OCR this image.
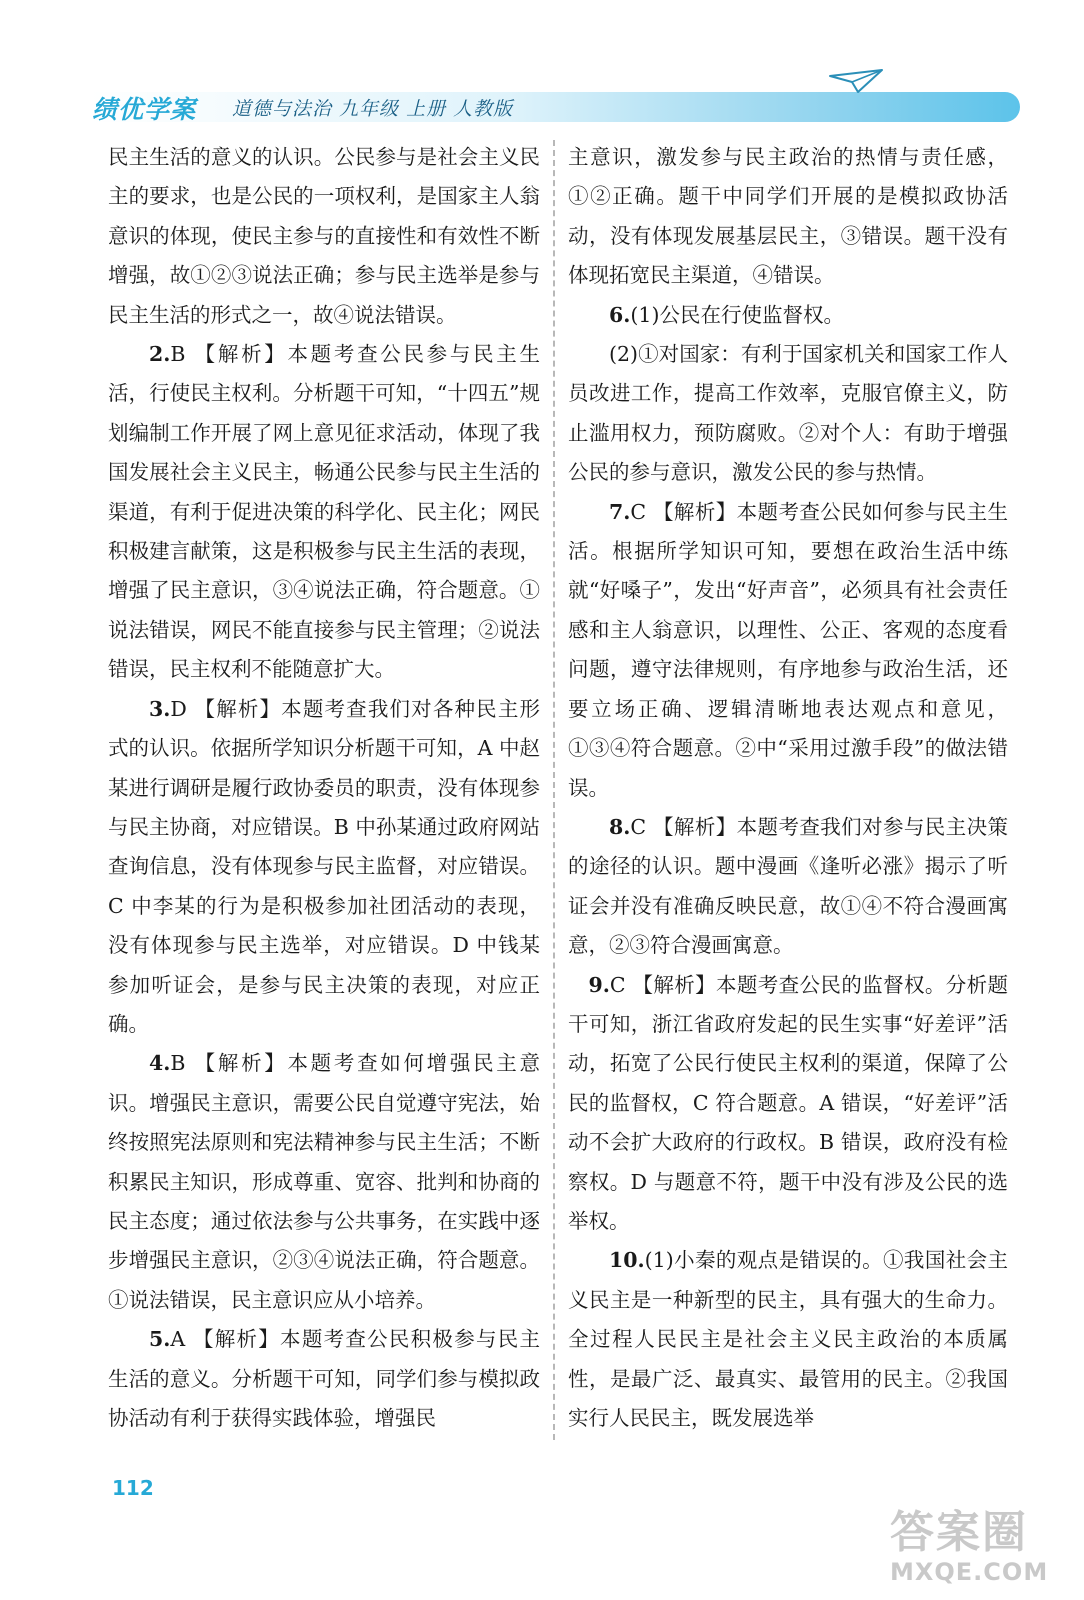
绩优学案 道德与法治 九年级 上册 人教版

民主生活的意义的认识。公民参与是社会主义民主的要求，也是公民的一项权利，是国家主人翁意识的体现，使民主参与的直接性和有效性不断增强，故①②③说法正确；参与民主选举是参与民主生活的形式之一，故④说法错误。

2.B 【解析】本题考查公民参与民主生活，行使民主权利。分析题干可知，“十四五”规划编制工作开展了网上意见征求活动，体现了我国发展社会主义民主，畅通公民参与民主生活的渠道，有利于促进决策的科学化、民主化；网民积极建言献策，这是积极参与民主生活的表现，增强了民主意识，③④说法正确，符合题意。①说法错误，网民不能直接参与民主管理；②说法错误，民主权利不能随意扩大。

3.D 【解析】本题考查我们对各种民主形式的认识。依据所学知识分析题干可知，A 中赵某进行调研是履行政协委员的职责，没有体现参与民主协商，对应错误。B 中孙某通过政府网站查询信息，没有体现参与民主监督，对应错误。C 中李某的行为是积极参加社团活动的表现，没有体现参与民主选举，对应错误。D 中钱某参加听证会，是参与民主决策的表现，对应正确。

4.B 【解析】本题考查如何增强民主意识。增强民主意识，需要公民自觉遵守宪法，始终按照宪法原则和宪法精神参与民主生活；不断积累民主知识，形成尊重、宽容、批判和协商的民主态度；通过依法参与公共事务，在实践中逐步增强民主意识，②③④说法正确，符合题意。①说法错误，民主意识应从小培养。

5.A 【解析】本题考查公民积极参与民主生活的意义。分析题干可知，同学们参与模拟政协活动有利于获得实践体验，增强民

主意识，激发参与民主政治的热情与责任感，①②正确。题干中同学们开展的是模拟政协活动，没有体现发展基层民主，③错误。题干没有体现拓宽民主渠道，④错误。

6.(1)公民在行使监督权。

(2)①对国家：有利于国家机关和国家工作人员改进工作，提高工作效率，克服官僚主义，防止滥用权力，预防腐败。②对个人：有助于增强公民的参与意识，激发公民的参与热情。

7.C 【解析】本题考查公民如何参与民主生活。根据所学知识可知，要想在政治生活中练就“好嗓子”，发出“好声音”，必须具有社会责任感和主人翁意识，以理性、公正、客观的态度看问题，遵守法律规则，有序地参与政治生活，还要立场正确、逻辑清晰地表达观点和意见，①③④符合题意。②中“采用过激手段”的做法错误。

8.C 【解析】本题考查我们对参与民主决策的途径的认识。题中漫画《逢听必涨》揭示了听证会并没有准确反映民意，故①④不符合漫画寓意，②③符合漫画寓意。

9.C 【解析】本题考查公民的监督权。分析题干可知，浙江省政府发起的民生实事“好差评”活动，拓宽了公民行使民主权利的渠道，保障了公民的监督权，C 符合题意。A 错误，“好差评”活动不会扩大政府的行政权。B 错误，政府没有检察权。D 与题意不符，题干中没有涉及公民的选举权。

10.(1)小秦的观点是错误的。①我国社会主义民主是一种新型的民主，具有强大的生命力。全过程人民民主是社会主义民主政治的本质属性，是最广泛、最真实、最管用的民主。②我国实行人民民主，既发展选举

112
答案圈
MXQE.COM
